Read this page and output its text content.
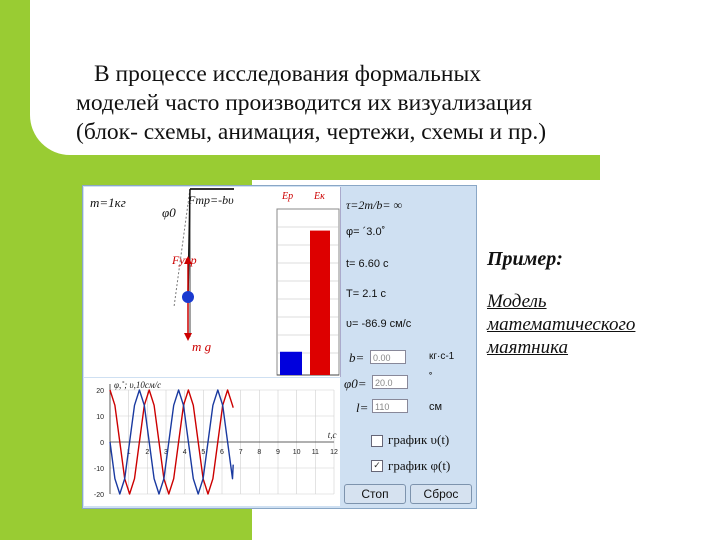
В процессе исследования формальных
моделей часто производится их визуализация
(блок- схемы, анимация, чертежи, схемы и пр.)
m=1кг
φ0
Fтр=-bυ	Eр Eк
Fупр
m g
τ=2m/b= ∞
φ= ´3.0˚
t= 6.60 с
T= 2.1 с
υ= -86.9 см/с
b= 0.00	кг·с-1
φ0= 20.0	˚
l= 110	см
график υ(t)
✓ график φ(t)
Стоп	Сброс
1 2 3 4 5 6 7 8 9 10 11 12
20
10
0
-10
-20
φ,˚; υ,10см/с
t,с
Пример:
Модель
математического
маятника
